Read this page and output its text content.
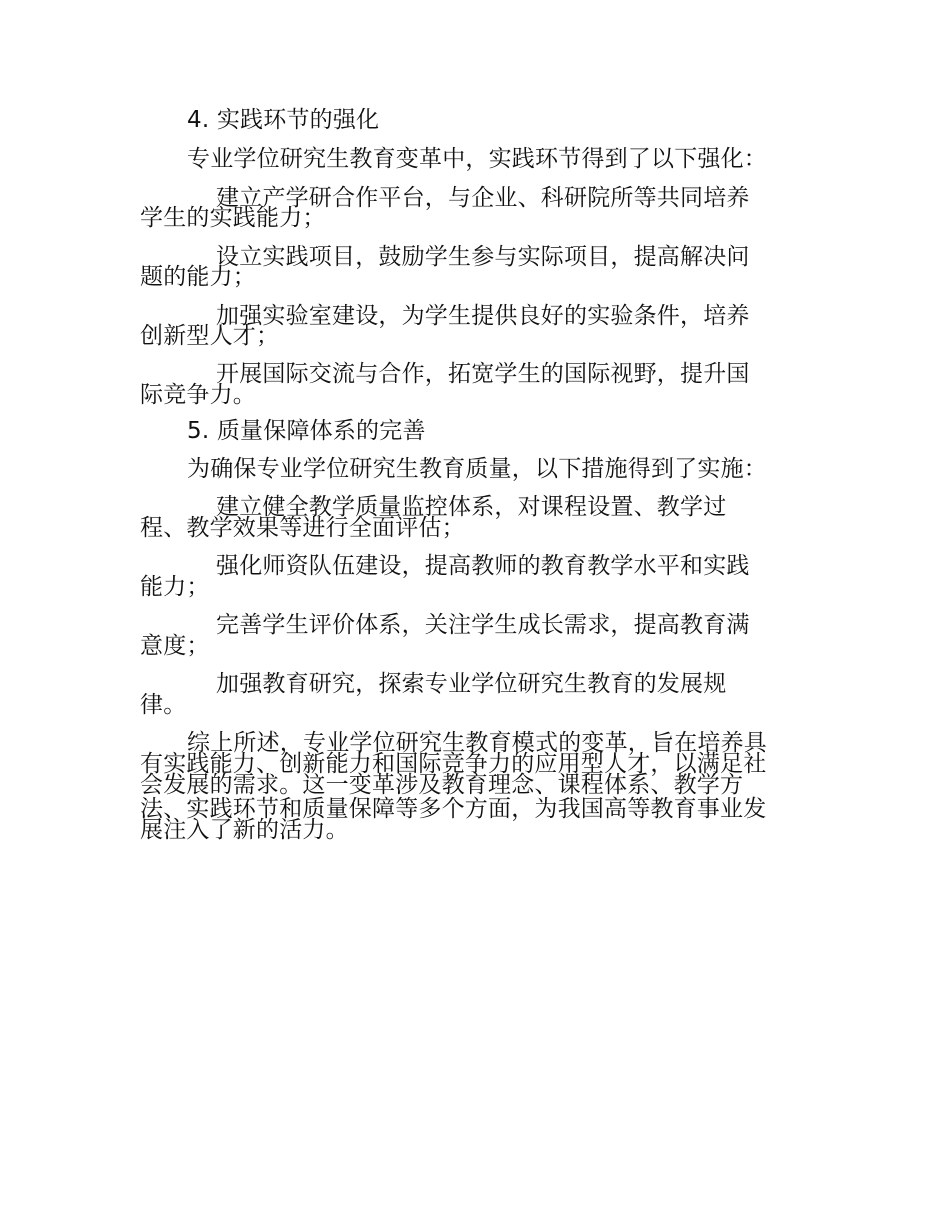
4. 实践环节的强化
专业学位研究生教育变革中，实践环节得到了以下强化：
建立产学研合作平台，与企业、科研院所等共同培养
学生的实践能力；
设立实践项目，鼓励学生参与实际项目，提高解决问
题的能力；
加强实验室建设，为学生提供良好的实验条件，培养
创新型人才；
开展国际交流与合作，拓宽学生的国际视野，提升国
际竞争力。
5. 质量保障体系的完善
为确保专业学位研究生教育质量，以下措施得到了实施：
建立健全教学质量监控体系，对课程设置、教学过
程、教学效果等进行全面评估；
强化师资队伍建设，提高教师的教育教学水平和实践
能力；
完善学生评价体系，关注学生成长需求，提高教育满
意度；
加强教育研究，探索专业学位研究生教育的发展规
律。
综上所述，专业学位研究生教育模式的变革，旨在培养具
有实践能力、创新能力和国际竞争力的应用型人才，以满足社
会发展的需求。这一变革涉及教育理念、课程体系、教学方
法、实践环节和质量保障等多个方面，为我国高等教育事业发
展注入了新的活力。
